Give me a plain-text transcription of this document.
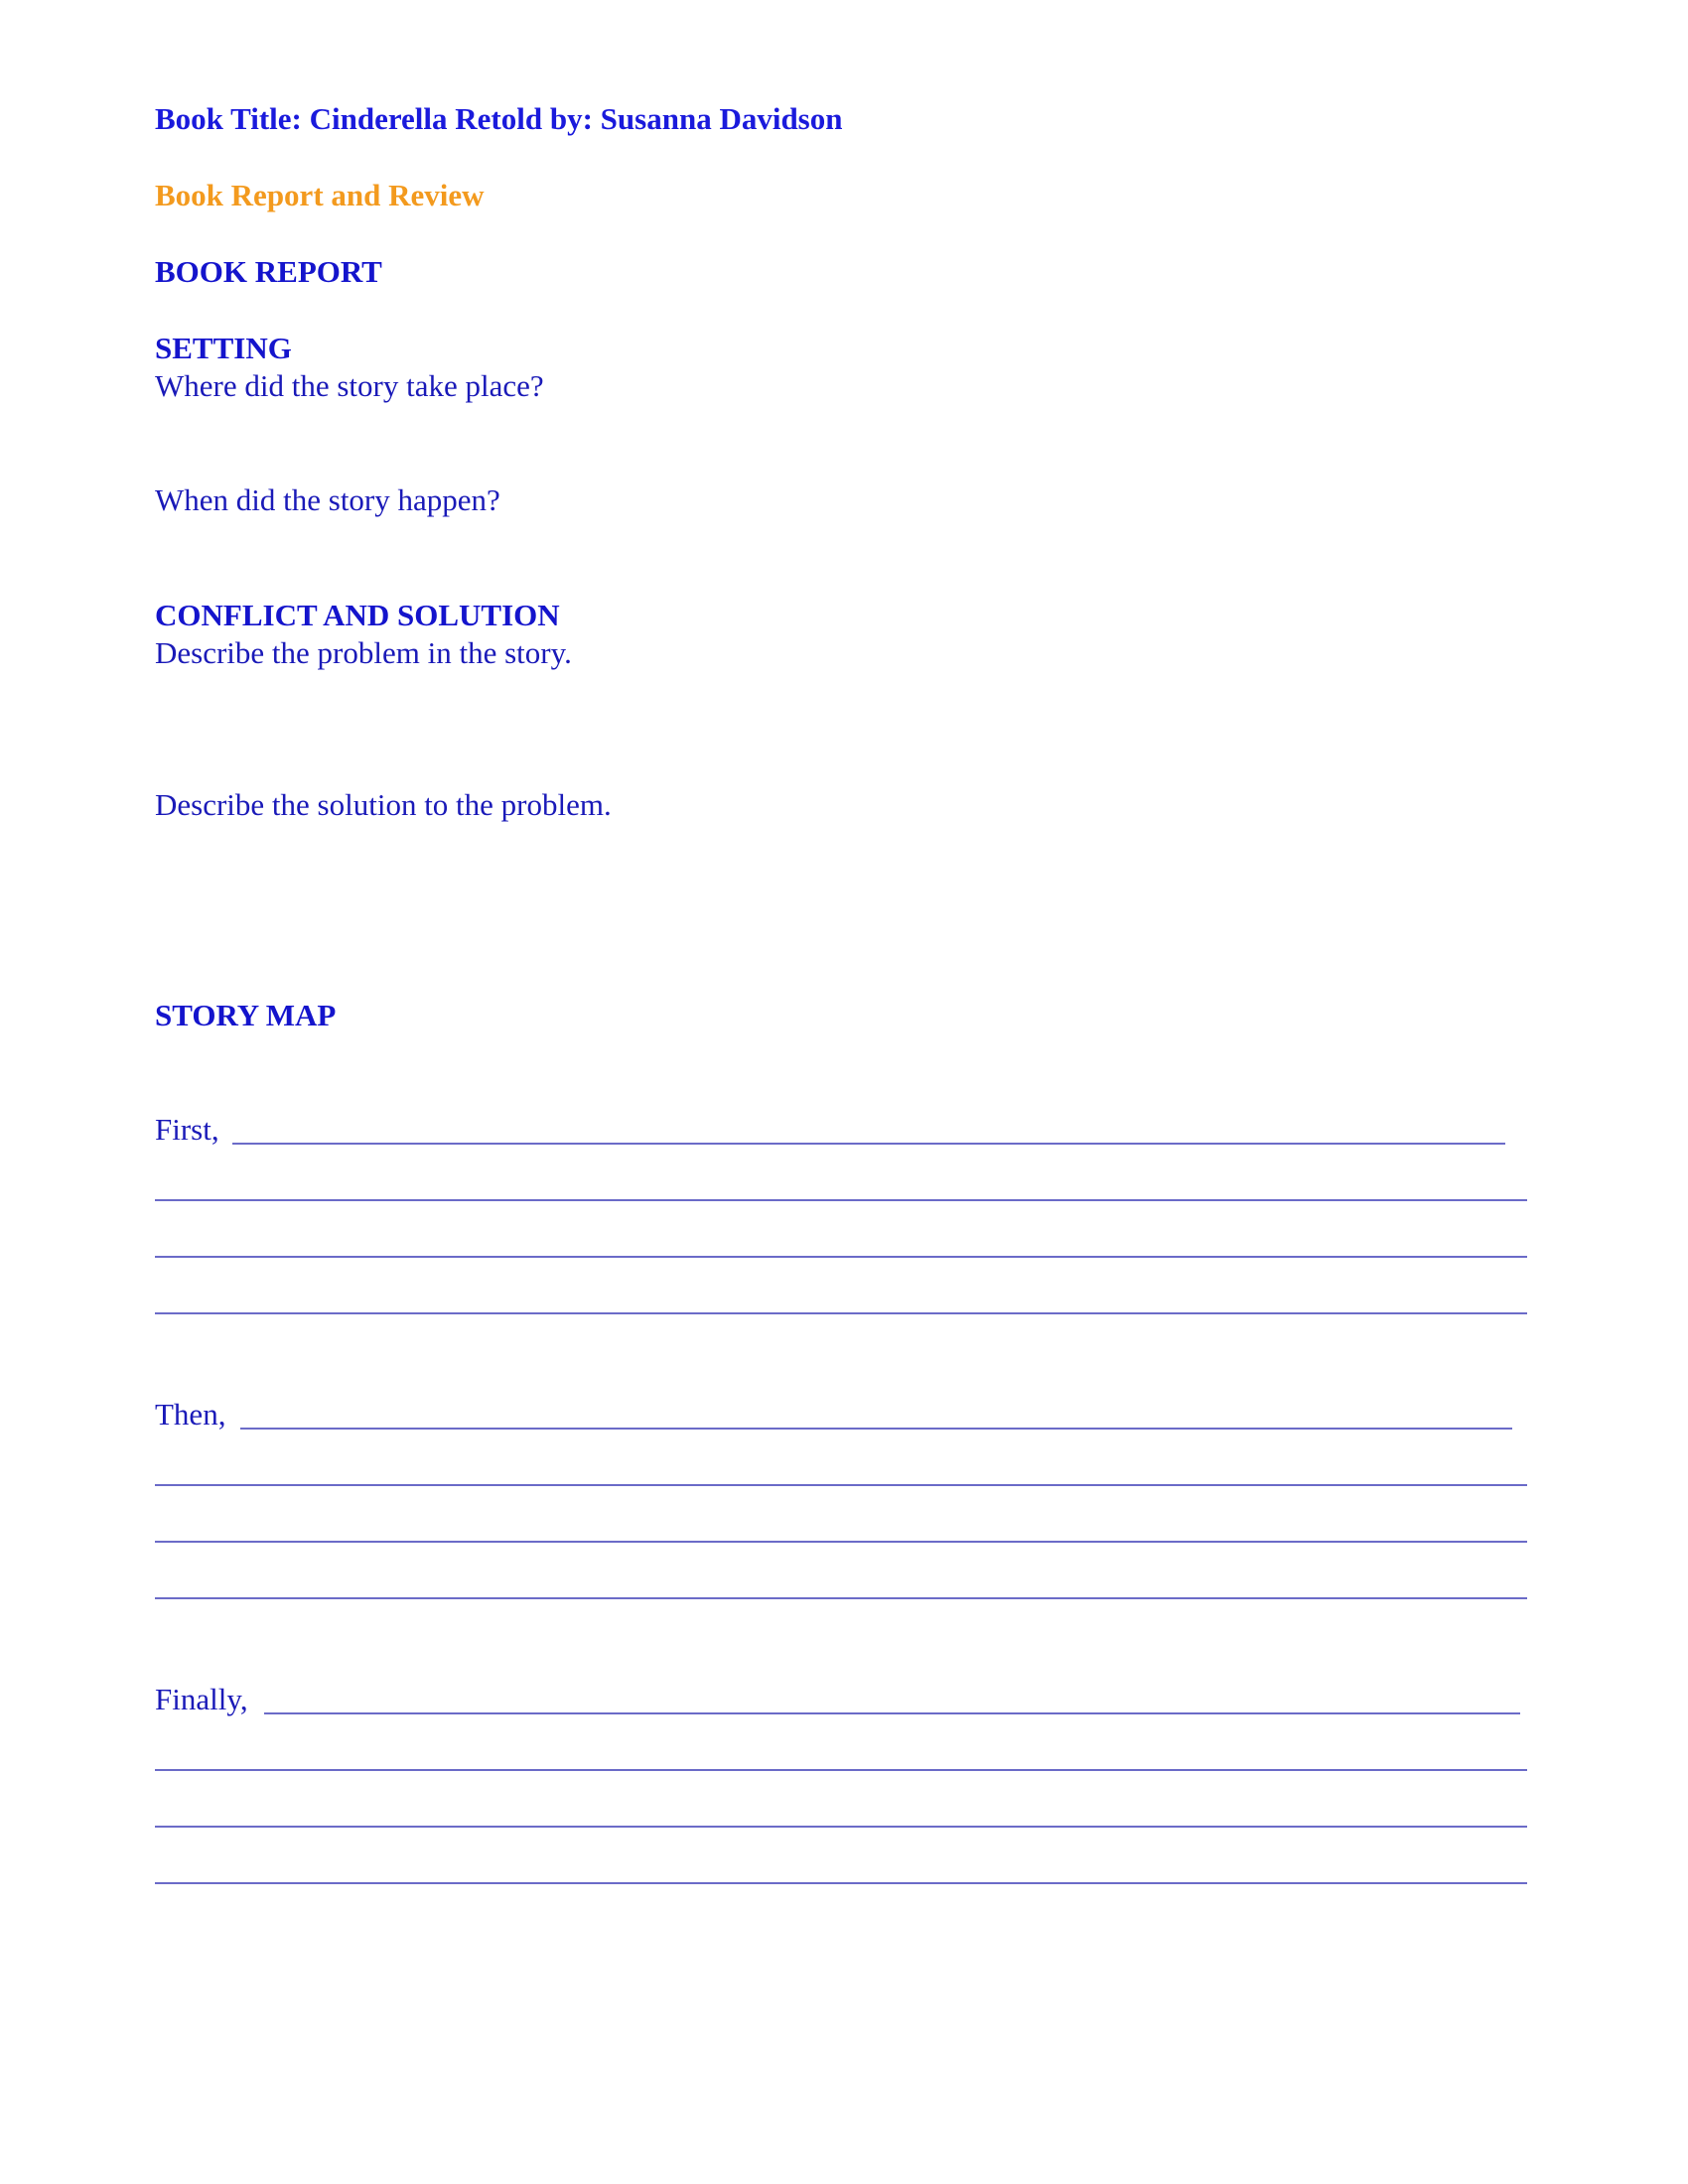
Book Title: Cinderella Retold by: Susanna Davidson
Book Report and Review
BOOK REPORT
SETTING
Where did the story take place?
When did the story happen?
CONFLICT AND SOLUTION
Describe the problem in the story.
Describe the solution to the problem.
STORY MAP
First,
Then,
Finally,
